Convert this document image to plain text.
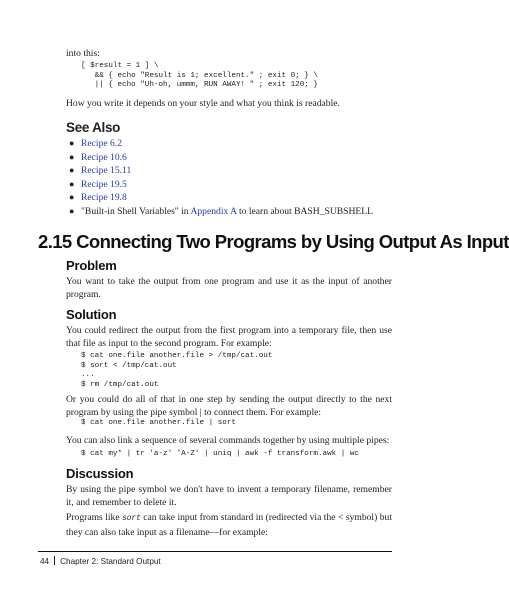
into this:
[ $result = 1 ] \
&& { echo "Result is 1; excellent." ; exit 0; } \
|| { echo "Uh-oh, ummm, RUN AWAY! " ; exit 120; }
How you write it depends on your style and what you think is readable.
See Also
● Recipe 6.2
● Recipe 10.6
● Recipe 15.11
● Recipe 19.5
● Recipe 19.8
● "Built-in Shell Variables" in Appendix A to learn about BASH_SUBSHELL
2.15 Connecting Two Programs by Using Output As Input
Problem
You want to take the output from one program and use it as the input of another program.
Solution
You could redirect the output from the first program into a temporary file, then use that file as input to the second program. For example:
$ cat one.file another.file > /tmp/cat.out
$ sort < /tmp/cat.out
...
$ rm /tmp/cat.out
Or you could do all of that in one step by sending the output directly to the next program by using the pipe symbol | to connect them. For example:
$ cat one.file another.file | sort
You can also link a sequence of several commands together by using multiple pipes:
$ cat my* | tr 'a-z' 'A-Z' | uniq | awk -f transform.awk | wc
Discussion
By using the pipe symbol we don't have to invent a temporary filename, remember it, and remember to delete it.
Programs like sort can take input from standard in (redirected via the < symbol) but they can also take input as a filename—for example:
44 Chapter 2: Standard Output
